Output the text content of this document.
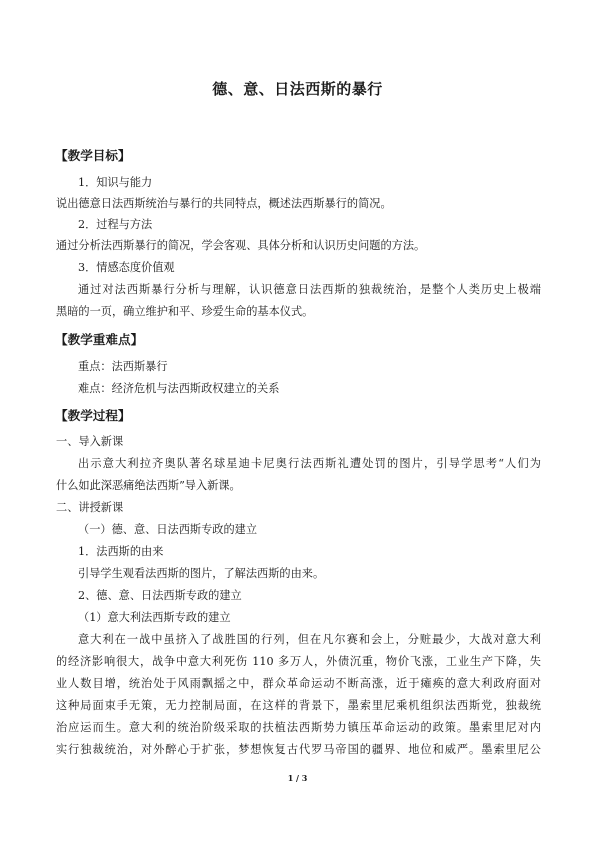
德、意、日法西斯的暴行
【教学目标】
1．知识与能力
说出德意日法西斯统治与暴行的共同特点，概述法西斯暴行的简况。
2．过程与方法
通过分析法西斯暴行的简况，学会客观、具体分析和认识历史问题的方法。
3．情感态度价值观
通过对法西斯暴行分析与理解，认识德意日法西斯的独裁统治，是整个人类历史上极端
黑暗的一页，确立维护和平、珍爱生命的基本仪式。
【教学重难点】
重点：法西斯暴行
难点：经济危机与法西斯政权建立的关系
【教学过程】
一、导入新课
出示意大利拉齐奥队著名球星迪卡尼奥行法西斯礼遭处罚的图片，引导学思考“人们为
什么如此深恶痛绝法西斯”导入新课。
二、讲授新课
（一）德、意、日法西斯专政的建立
1．法西斯的由来
引导学生观看法西斯的图片，了解法西斯的由来。
2、德、意、日法西斯专政的建立
（1）意大利法西斯专政的建立
意大利在一战中虽挤入了战胜国的行列，但在凡尔赛和会上，分赃最少，大战对意大利
的经济影响很大，战争中意大利死伤 110 多万人，外债沉重，物价飞涨，工业生产下降，失
业人数目增，统治处于风雨飘摇之中，群众革命运动不断高涨，近于瘫痪的意大利政府面对
这种局面束手无策，无力控制局面，在这样的背景下，墨索里尼乘机组织法西斯党，独裁统
治应运而生。意大利的统治阶级采取的扶植法西斯势力镇压革命运动的政策。墨索里尼对内
实行独裁统治，对外醉心于扩张，梦想恢复古代罗马帝国的疆界、地位和威严。墨索里尼公
1 / 3
